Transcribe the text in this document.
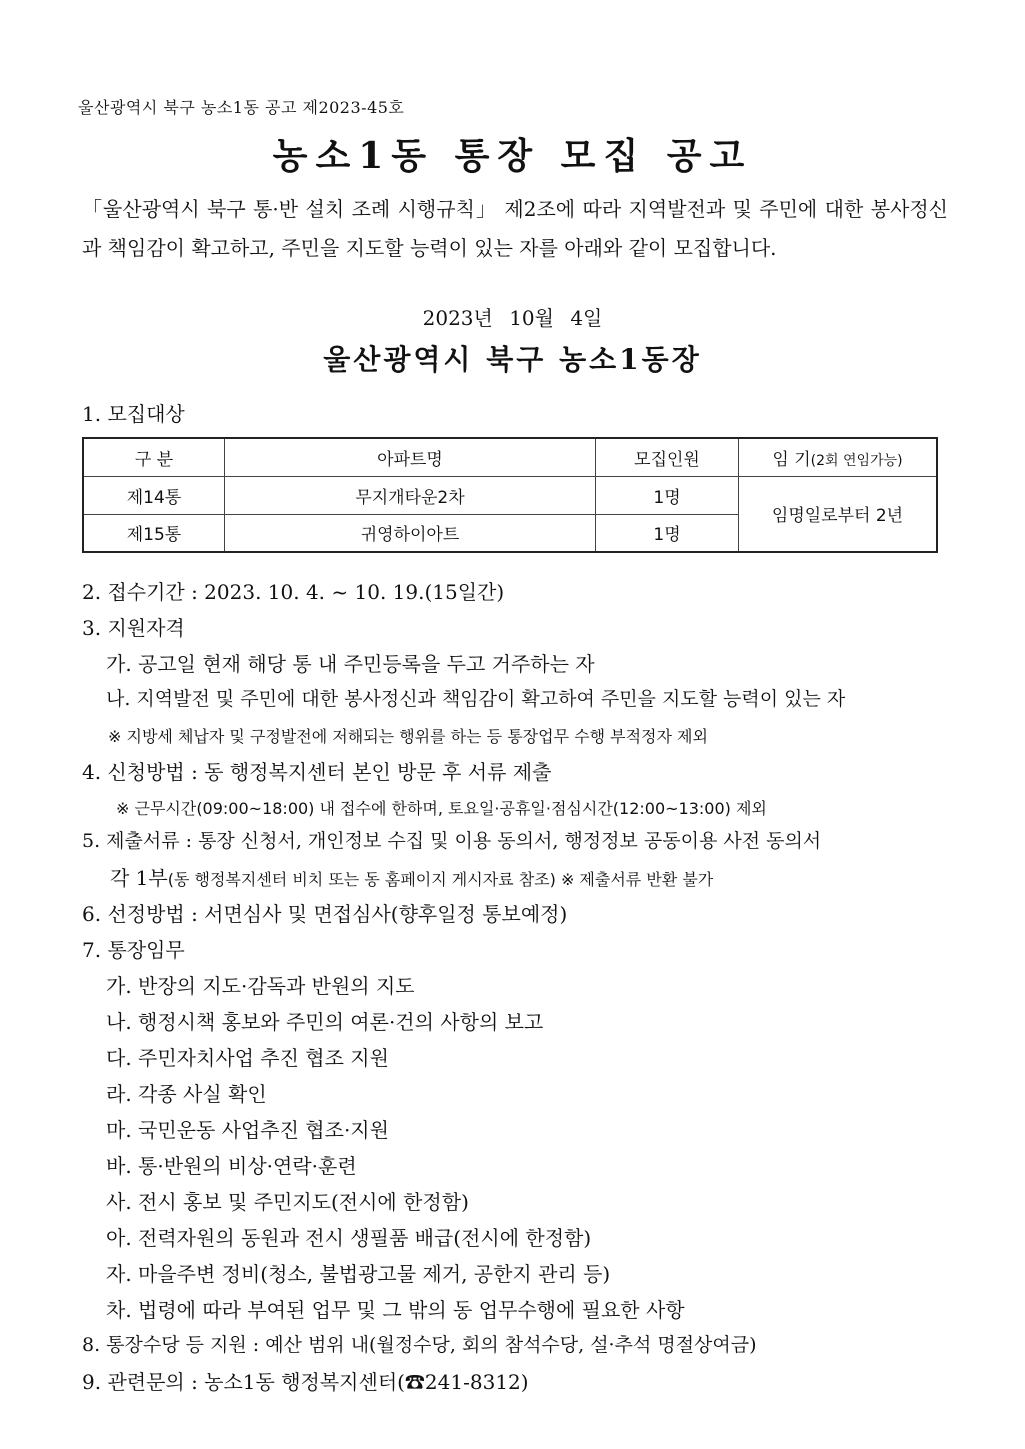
울산광역시 북구 농소1동 공고 제2023-45호
농소1동 통장 모집 공고
「울산광역시 북구 통·반 설치 조례 시행규칙」 제2조에 따라 지역발전과 및 주민에 대한 봉사정신과 책임감이 확고하고, 주민을 지도할 능력이 있는 자를 아래와 같이 모집합니다.
2023년 10월 4일
울산광역시 북구 농소1동장
1. 모집대상
구 분	아파트명	모집인원	임 기(2회 연임가능)
제14통	무지개타운2차	1명	임명일로부터 2년
제15통	귀영하이아트	1명	
2. 접수기간 : 2023. 10. 4. ~ 10. 19.(15일간)
3. 지원자격
가. 공고일 현재 해당 통 내 주민등록을 두고 거주하는 자
나. 지역발전 및 주민에 대한 봉사정신과 책임감이 확고하여 주민을 지도할 능력이 있는 자
※ 지방세 체납자 및 구정발전에 저해되는 행위를 하는 등 통장업무 수행 부적정자 제외
4. 신청방법 : 동 행정복지센터 본인 방문 후 서류 제출
※ 근무시간(09:00~18:00) 내 접수에 한하며, 토요일·공휴일·점심시간(12:00~13:00) 제외
5. 제출서류 : 통장 신청서, 개인정보 수집 및 이용 동의서, 행정정보 공동이용 사전 동의서
각 1부(동 행정복지센터 비치 또는 동 홈페이지 게시자료 참조) ※ 제출서류 반환 불가
6. 선정방법 : 서면심사 및 면접심사(향후일정 통보예정)
7. 통장임무
가. 반장의 지도·감독과 반원의 지도
나. 행정시책 홍보와 주민의 여론·건의 사항의 보고
다. 주민자치사업 추진 협조 지원
라. 각종 사실 확인
마. 국민운동 사업추진 협조·지원
바. 통·반원의 비상·연락·훈련
사. 전시 홍보 및 주민지도(전시에 한정함)
아. 전력자원의 동원과 전시 생필품 배급(전시에 한정함)
자. 마을주변 정비(청소, 불법광고물 제거, 공한지 관리 등)
차. 법령에 따라 부여된 업무 및 그 밖의 동 업무수행에 필요한 사항
8. 통장수당 등 지원 : 예산 범위 내(월정수당, 회의 참석수당, 설·추석 명절상여금)
9. 관련문의 : 농소1동 행정복지센터(☎241-8312)
